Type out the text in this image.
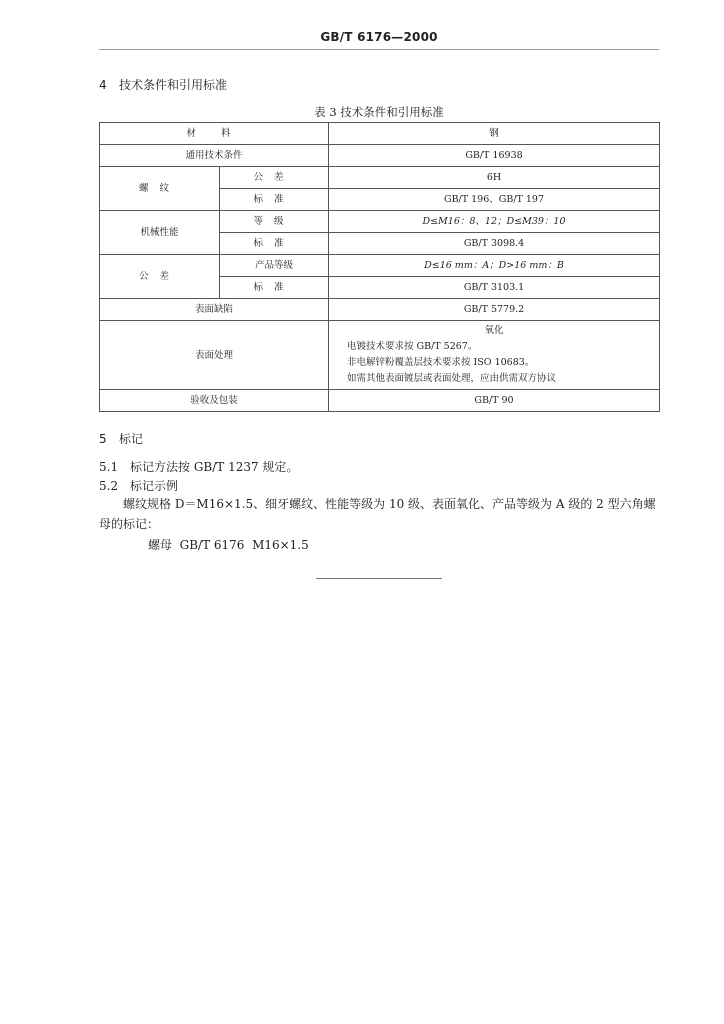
GB/T 6176—2000
4 技术条件和引用标准
表 3 技术条件和引用标准
材 料		钢
通用技术条件		GB/T 16938
螺纹	公差	6H
	标准	GB/T 196、GB/T 197
机械性能	等级	D≤M16：8、12；D≤M39：10
	标准	GB/T 3098.4
公差	产品等级	D≤16 mm：A；D>16 mm：B
	标准	GB/T 3103.1
表面缺陷		GB/T 5779.2
表面处理		氧化
电镀技术要求按 GB/T 5267。
非电解锌粉覆盖层技术要求按 ISO 10683。
如需其他表面镀层或表面处理，应由供需双方协议

验收及包装		GB/T 90
5 标记
5.1 标记方法按 GB/T 1237 规定。
5.2 标记示例
螺纹规格 D＝M16×1.5、细牙螺纹、性能等级为 10 级、表面氧化、产品等级为 A 级的 2 型六角螺母的标记：
螺母  GB/T 6176  M16×1.5
